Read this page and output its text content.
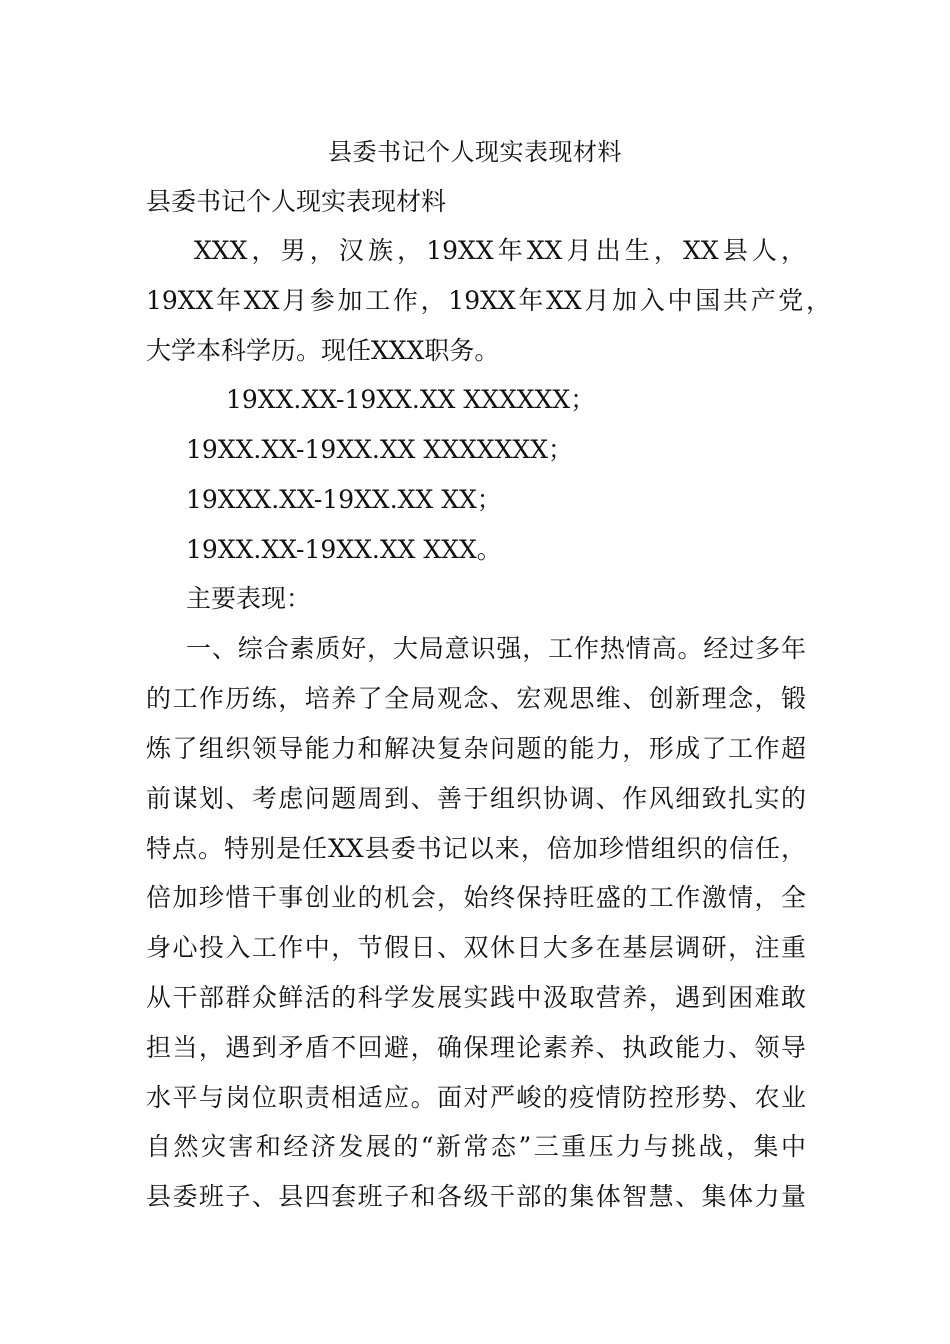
县委书记个人现实表现材料
县委书记个人现实表现材料
XXX，男，汉族，19XX年XX月出生，XX县人，
19XX年XX月参加工作，19XX年XX月加入中国共产党，
大学本科学历。现任XXX职务。
19XX.XX-19XX.XX XXXXXX；
19XX.XX-19XX.XX XXXXXXX；
19XXX.XX-19XX.XX XX；
19XX.XX-19XX.XX XXX。
主要表现：
一、综合素质好，大局意识强，工作热情高。经过多年
的工作历练，培养了全局观念、宏观思维、创新理念，锻
炼了组织领导能力和解决复杂问题的能力，形成了工作超
前谋划、考虑问题周到、善于组织协调、作风细致扎实的
特点。特别是任XX县委书记以来，倍加珍惜组织的信任，
倍加珍惜干事创业的机会，始终保持旺盛的工作激情，全
身心投入工作中，节假日、双休日大多在基层调研，注重
从干部群众鲜活的科学发展实践中汲取营养，遇到困难敢
担当，遇到矛盾不回避，确保理论素养、执政能力、领导
水平与岗位职责相适应。面对严峻的疫情防控形势、农业
自然灾害和经济发展的“新常态”三重压力与挑战，集中
县委班子、县四套班子和各级干部的集体智慧、集体力量
